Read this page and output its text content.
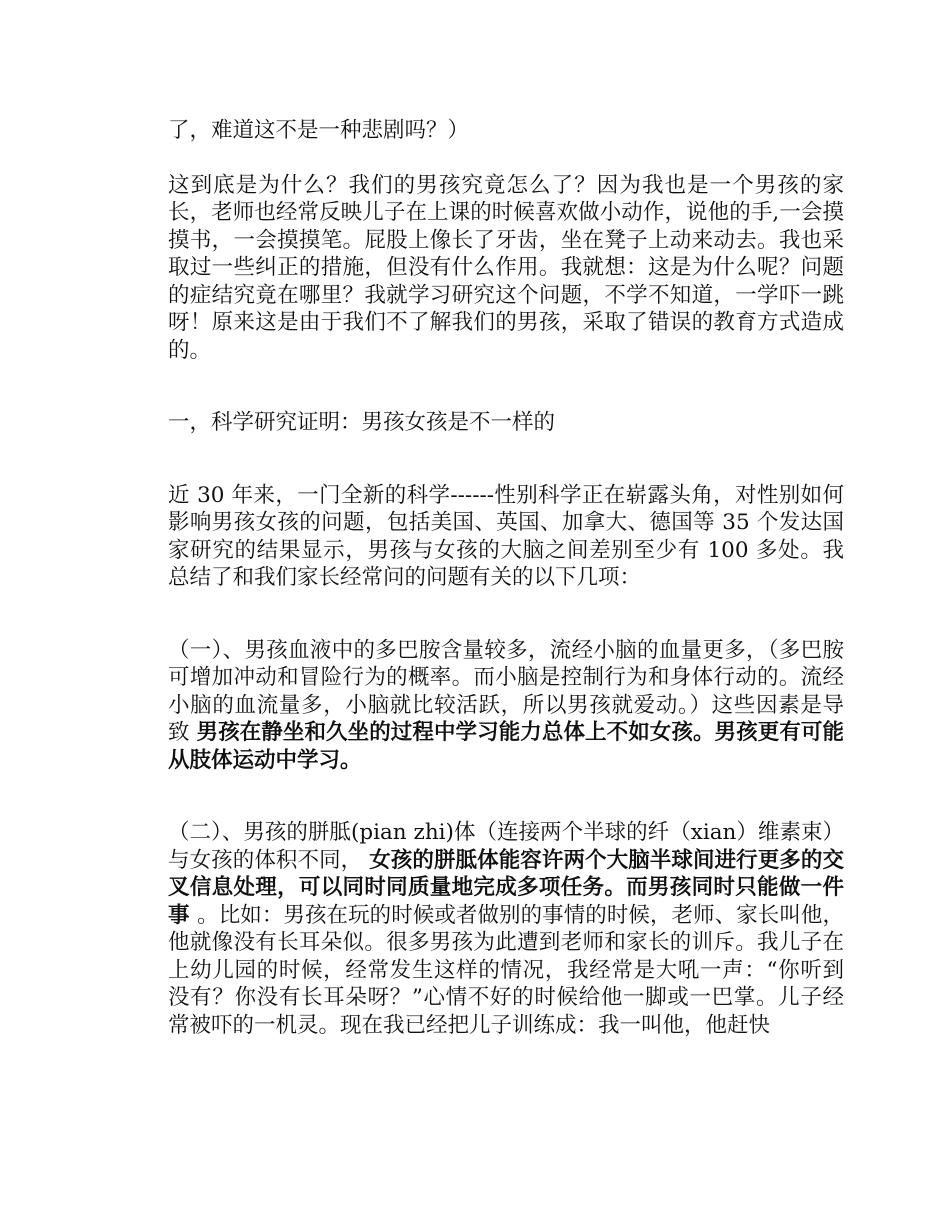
了，难道这不是一种悲剧吗？）

这到底是为什么？我们的男孩究竟怎么了？因为我也是一个男孩的家长，老师也经常反映儿子在上课的时候喜欢做小动作，说他的手,一会摸摸书，一会摸摸笔。屁股上像长了牙齿，坐在凳子上动来动去。我也采取过一些纠正的措施，但没有什么作用。我就想：这是为什么呢？问题的症结究竟在哪里？我就学习研究这个问题，不学不知道，一学吓一跳呀！原来这是由于我们不了解我们的男孩，采取了错误的教育方式造成的。

一，科学研究证明：男孩女孩是不一样的

近 30 年来，一门全新的科学------性别科学正在崭露头角，对性别如何影响男孩女孩的问题，包括美国、英国、加拿大、德国等 35 个发达国家研究的结果显示，男孩与女孩的大脑之间差别至少有 100 多处。我总结了和我们家长经常问的问题有关的以下几项：

（一）、男孩血液中的多巴胺含量较多，流经小脑的血量更多，（多巴胺可增加冲动和冒险行为的概率。而小脑是控制行为和身体行动的。流经小脑的血流量多，小脑就比较活跃，所以男孩就爱动。）这些因素是导致 男孩在静坐和久坐的过程中学习能力总体上不如女孩。男孩更有可能从肢体运动中学习。

（二）、男孩的胼胝(pian zhi)体（连接两个半球的纤（xian）维素束）与女孩的体积不同， 女孩的胼胝体能容许两个大脑半球间进行更多的交叉信息处理，可以同时同质量地完成多项任务。而男孩同时只能做一件事 。比如：男孩在玩的时候或者做别的事情的时候，老师、家长叫他，他就像没有长耳朵似。很多男孩为此遭到老师和家长的训斥。我儿子在上幼儿园的时候，经常发生这样的情况，我经常是大吼一声：“你听到没有？你没有长耳朵呀？”心情不好的时候给他一脚或一巴掌。儿子经常被吓的一机灵。现在我已经把儿子训练成：我一叫他，他赶快
